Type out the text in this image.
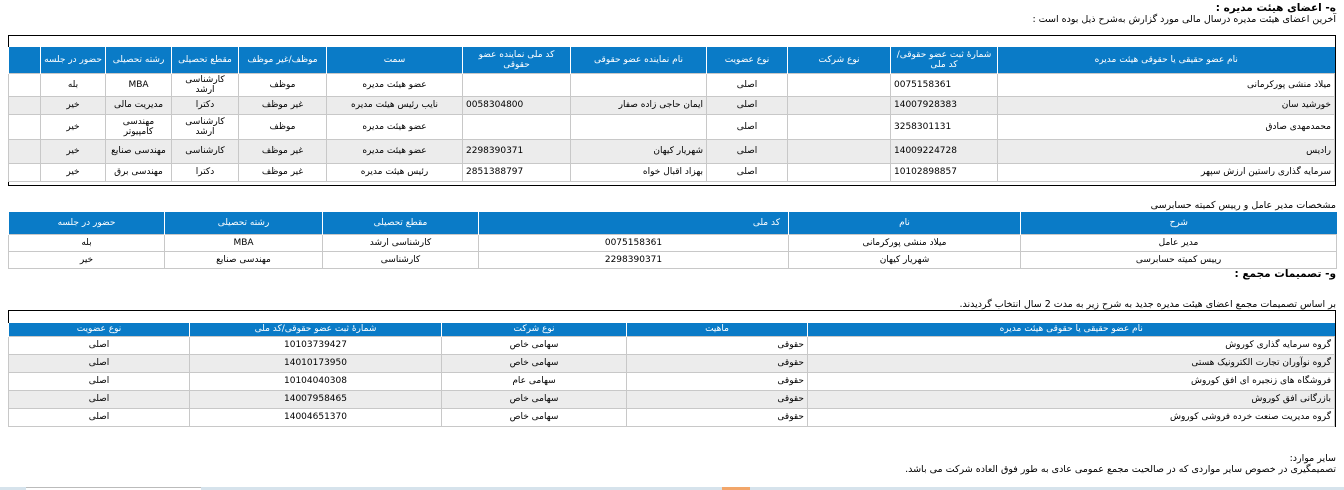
ه- اعضای هیئت مدیره :
آخرین اعضای هیئت مدیره درسال مالی مورد گزارش به‌شرح ذیل بوده است :
نام عضو حقیقی یا حقوقی هیئت مدیره	شمارۀ ثبت عضو حقوقی/کد ملی	نوع شرکت	نوع عضویت	نام نماینده عضو حقوقی	کد ملی نماینده عضو حقوقی	سمت	موظف/غیر موظف	مقطع تحصیلی	رشته تحصیلی	حضور در جلسه	
میلاد منشی پورکرمانی	0075158361		اصلی			عضو هیئت مدیره	موظف	کارشناسی ارشد	MBA	بله	
خورشید سان	14007928383		اصلی	ایمان حاجی زاده صفار	0058304800	نایب رئیس هیئت مدیره	غیر موظف	دکترا	مدیریت مالی	خیر	
محمدمهدی صادق	3258301131		اصلی			عضو هیئت مدیره	موظف	کارشناسی ارشد	مهندسی کامپیوتر	خیر	
رادیس	14009224728		اصلی	شهریار کیهان	2298390371	عضو هیئت مدیره	غیر موظف	کارشناسی	مهندسی صنایع	خیر	
سرمایه گذاری راستین ارزش سپهر	10102898857		اصلی	بهزاد اقبال خواه	2851388797	رئیس هیئت مدیره	غیر موظف	دکترا	مهندسی برق	خیر	
مشخصات مدیر عامل و رییس کمیته حسابرسی
شرح	نام	کد ملی	مقطع تحصیلی	رشته تحصیلی	حضور در جلسه
مدیر عامل	میلاد منشی پورکرمانی	0075158361	کارشناسی ارشد	MBA	بله
رییس کمیته حسابرسی	شهریار کیهان	2298390371	کارشناسی	مهندسی صنایع	خیر
و- تصمیمات مجمع :
بر اساس تصمیمات مجمع اعضای هیئت مدیره جدید به شرح زیر به مدت 2 سال انتخاب گردیدند.
نام عضو حقیقی یا حقوقی هیئت مدیره	ماهیت	نوع شرکت	شمارۀ ثبت عضو حقوقی/کد ملی	نوع عضویت
گروه سرمایه گذاری کوروش	حقوقی	سهامی خاص	10103739427	اصلی
گروه نوآوران تجارت الکترونیک هستی	حقوقی	سهامی خاص	14010173950	اصلی
فروشگاه های زنجیره ای افق کوروش	حقوقی	سهامی عام	10104040308	اصلی
بازرگانی افق کوروش	حقوقی	سهامی خاص	14007958465	اصلی
گروه مدیریت صنعت خرده فروشی کوروش	حقوقی	سهامی خاص	14004651370	اصلی
سایر موارد:
تصمیمگیری در خصوص سایر مواردی که در صالحیت مجمع عمومی عادی به طور فوق العاده شرکت می باشد.
